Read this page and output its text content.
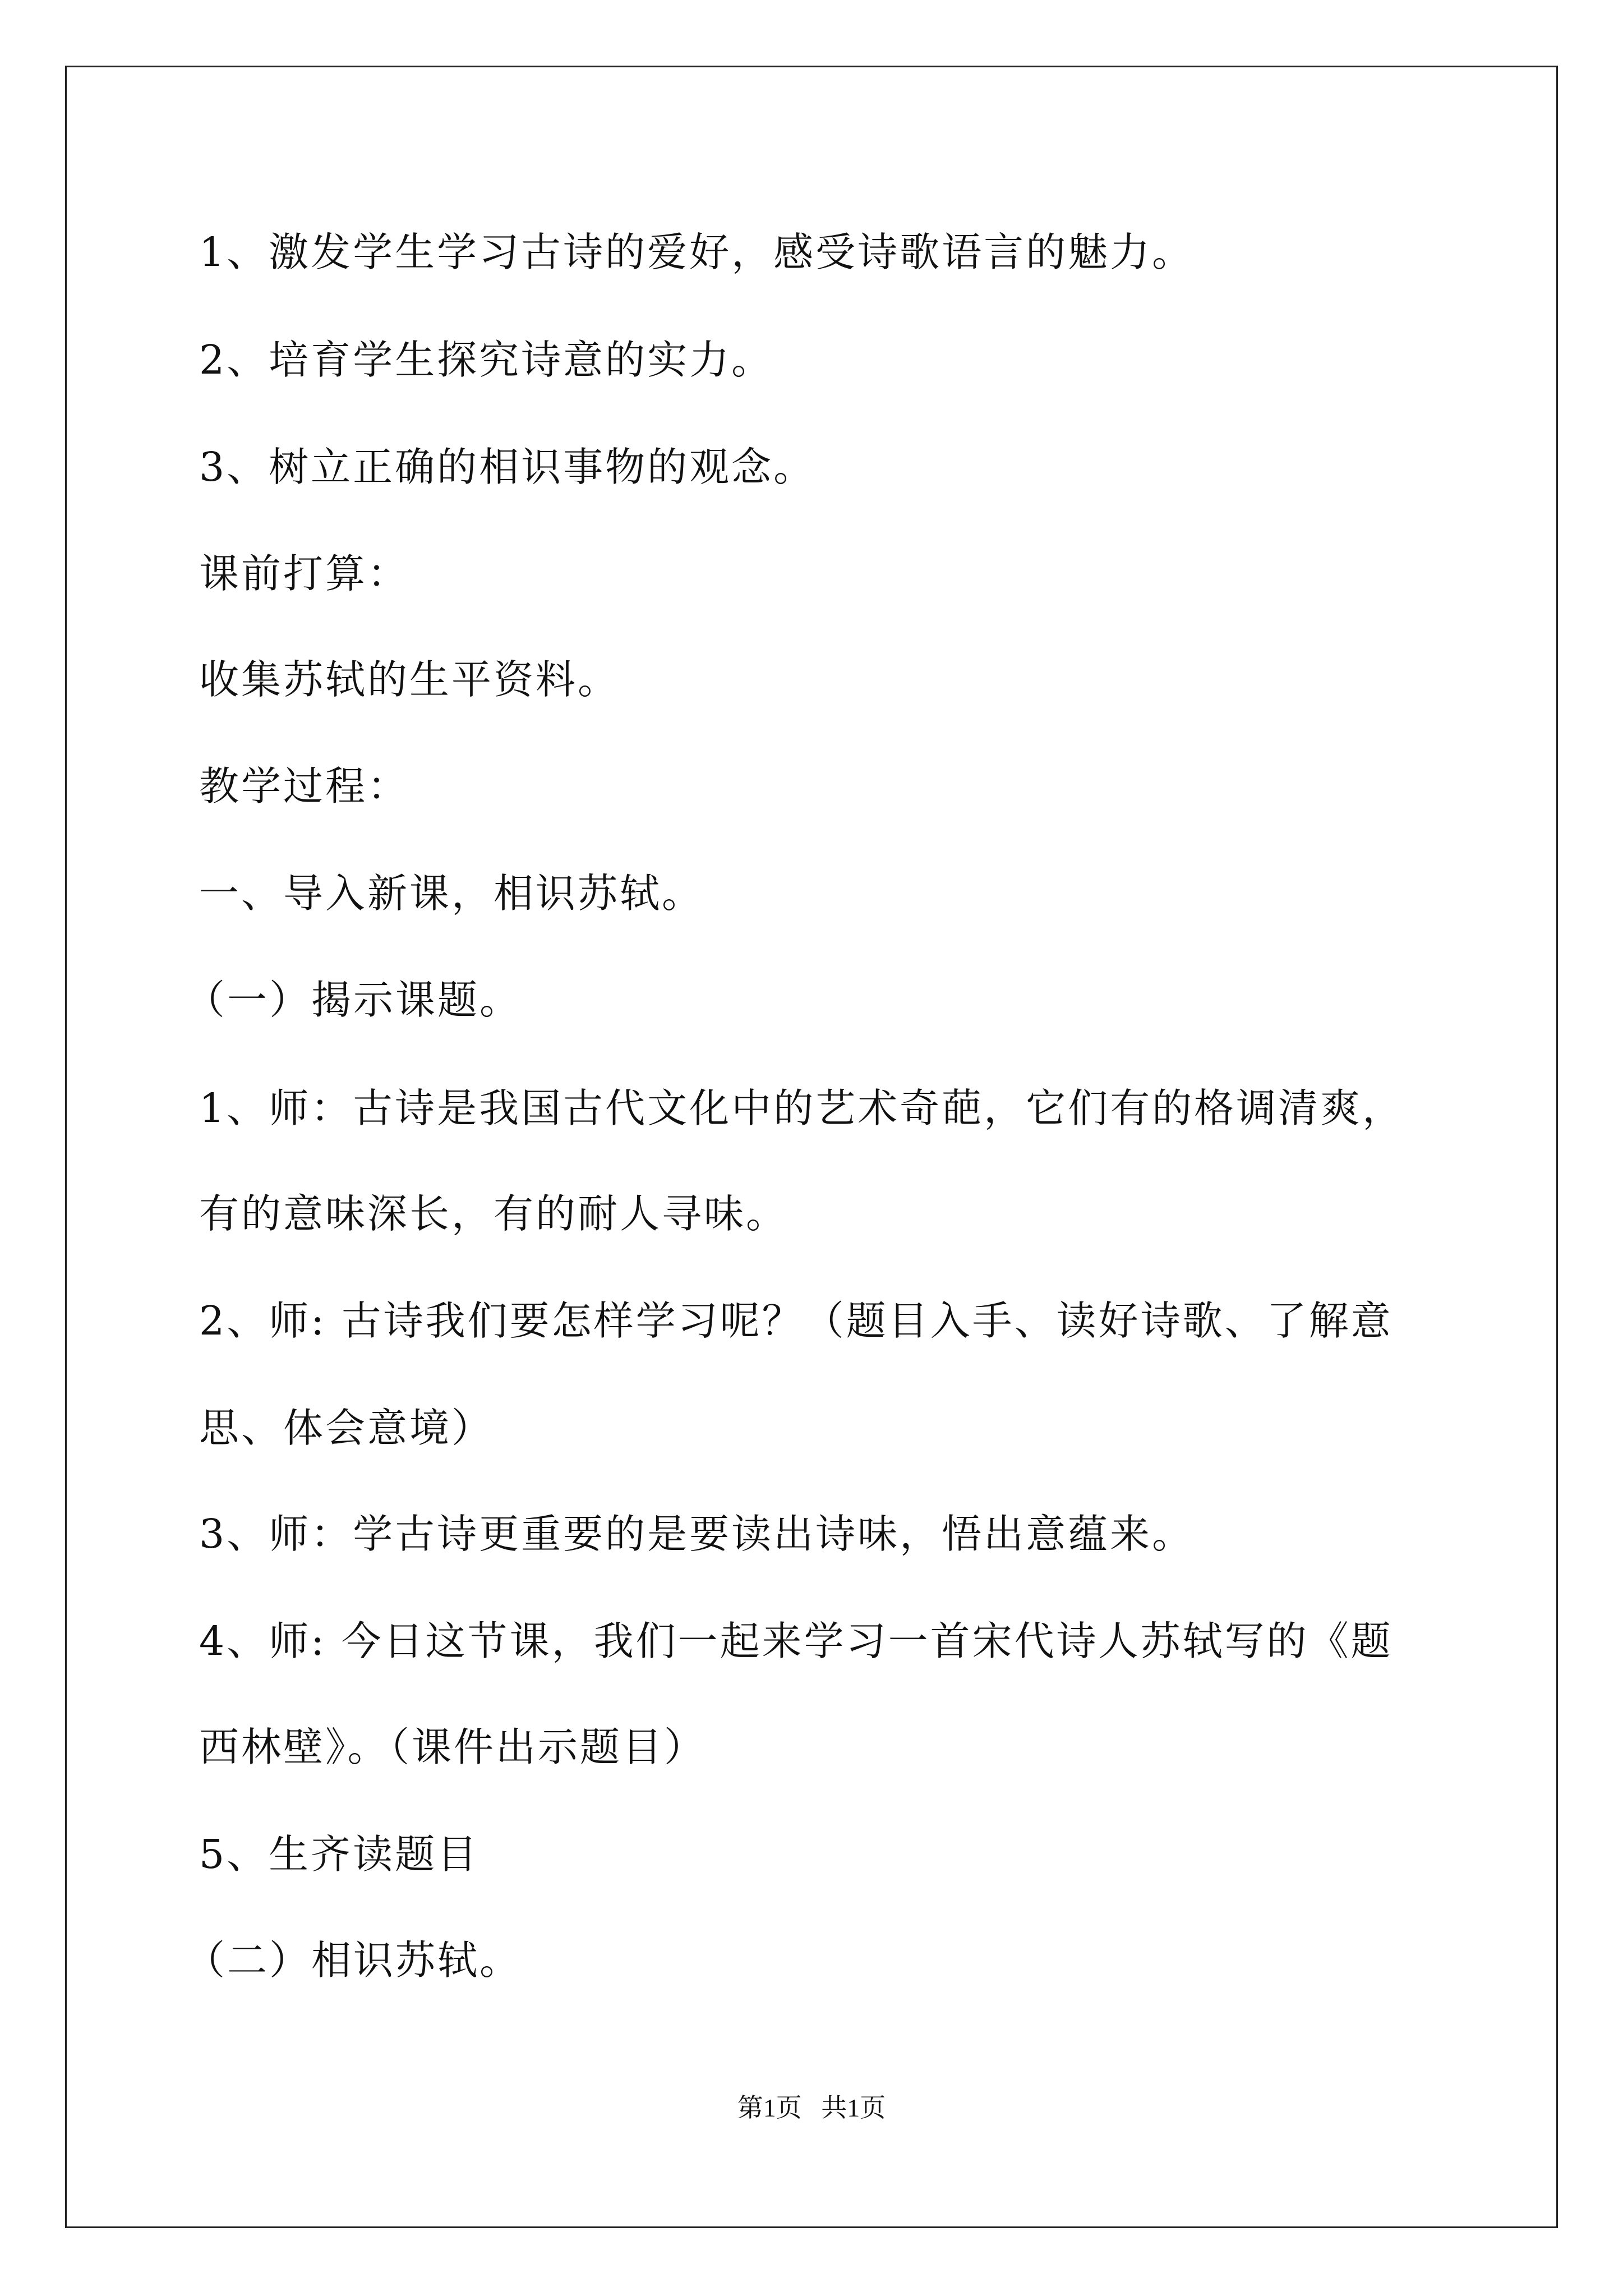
1、激发学生学习古诗的爱好，感受诗歌语言的魅力。
2、培育学生探究诗意的实力。
3、树立正确的相识事物的观念。
课前打算：
收集苏轼的生平资料。
教学过程：
一、导入新课，相识苏轼。
（一）揭示课题。
1、师：古诗是我国古代文化中的艺术奇葩，它们有的格调清爽，
有的意味深长，有的耐人寻味。
2、师: 古诗我们要怎样学习呢？（题目入手、读好诗歌、了解意
思、体会意境）
3、师：学古诗更重要的是要读出诗味，悟出意蕴来。
4、师: 今日这节课，我们一起来学习一首宋代诗人苏轼写的《题
西林壁》。（课件出示题目）
5、生齐读题目
（二）相识苏轼。
第1页   共1页
